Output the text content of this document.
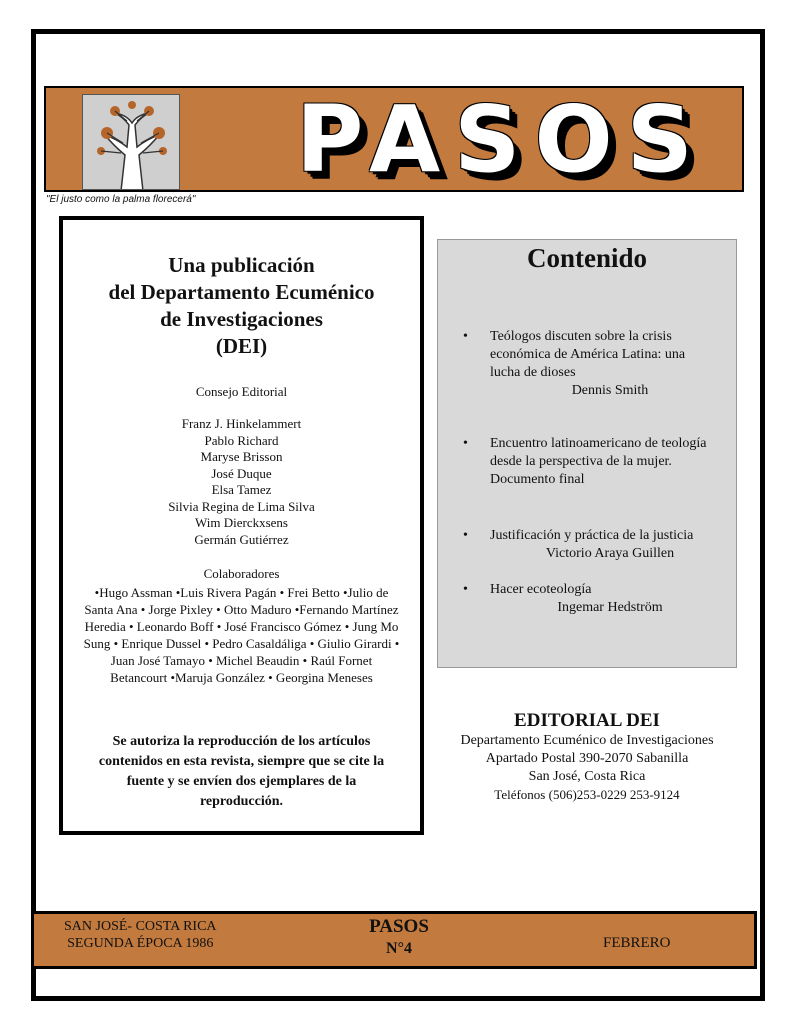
PASOS
"El justo como la palma florecerá"
Una publicación
del Departamento Ecuménico
de Investigaciones
(DEI)
Consejo Editorial
Franz J. Hinkelammert
Pablo Richard
Maryse Brisson
José Duque
Elsa Tamez
Silvia Regina de Lima Silva
Wim Dierckxsens
Germán Gutiérrez
Colaboradores
•Hugo Assman •Luis Rivera Pagán • Frei Betto •Julio de
Santa Ana • Jorge Pixley • Otto Maduro •Fernando Martínez
Heredia • Leonardo Boff • José Francisco Gómez • Jung Mo
Sung • Enrique Dussel • Pedro Casaldáliga • Giulio Girardi •
Juan José Tamayo • Michel Beaudin • Raúl Fornet
Betancourt •Maruja González • Georgina Meneses
Se autoriza la reproducción de los artículos
contenidos en esta revista, siempre que se cite la
fuente y se envíen dos ejemplares de la
reproducción.
Contenido
• Teólogos discuten sobre la crisis
económica de América Latina: una
lucha de dioses
Dennis Smith
• Encuentro latinoamericano de teología
desde la perspectiva de la mujer.
Documento final
• Justificación y práctica de la justicia
Victorio Araya Guillen
• Hacer ecoteología
Ingemar Hedström
EDITORIAL DEI
Departamento Ecuménico de Investigaciones
Apartado Postal 390-2070 Sabanilla
San José, Costa Rica
Teléfonos (506)253-0229 253-9124
SAN JOSÉ- COSTA RICA
SEGUNDA ÉPOCA 1986
PASOS
N°4	FEBRERO
